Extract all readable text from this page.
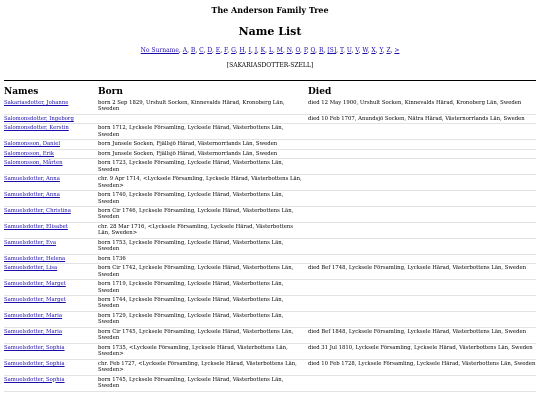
The Anderson Family Tree
Name List
No Surname, A, B, C, D, E, F, G, H, I, J, K, L, M, N, O, P, Q, R, [S], T, U, V, W, X, Y, Z, >
[SAKARIASDOTTER-SZELL]
Names	Born	Died
Sakariasdotter, Johanne	born 2 Sep 1829, Urshult Socken, Kinnevalds Härad, Kronoberg Län, Sweden	died 12 May 1900, Urshult Socken, Kinnevalds Härad, Kronoberg Län, Sweden
Salomonsdotter, Ingeborg		died 10 Feb 1707, Anundsjö Socken, Nätra Härad, Västernorrlands Län, Sweden
Salomonsdotter, Kerstin	born 1712, Lycksele Församling, Lycksele Härad, Västerbottens Län, Sweden	
Salomonsson, Daniel	born Junsele Socken, Fjällsjö Härad, Västernorrlands Län, Sweden	
Salomonsson, Erik	born Junsele Socken, Fjällsjö Härad, Västernorrlands Län, Sweden	
Salomonsson, Mårten	born 1723, Lycksele Församling, Lycksele Härad, Västerbottens Län, Sweden	
Samuelsdotter, Anna	chr. 9 Apr 1714, <Lycksele Församling, Lycksele Härad, Västerbottens Län, Sweden>	
Samuelsdotter, Anna	born 1740, Lycksele Församling, Lycksele Härad, Västerbottens Län, Sweden	
Samuelsdotter, Christina	born Cir 1746, Lycksele Församling, Lycksele Härad, Västerbottens Län, Sweden	
Samuelsdotter, Elisabet	chr. 28 Mar 1716, <Lycksele Församling, Lycksele Härad, Västerbottens Län, Sweden>	
Samuelsdotter, Eva	born 1753, Lycksele Församling, Lycksele Härad, Västerbottens Län, Sweden	
Samuelsdotter, Helena	born 1736	
Samuelsdotter, Lisa	born Cir 1742, Lycksele Församling, Lycksele Härad, Västerbottens Län, Sweden	died Bef 1748, Lycksele Församling, Lycksele Härad, Västerbottens Län, Sweden
Samuelsdotter, Marget	born 1719, Lycksele Församling, Lycksele Härad, Västerbottens Län, Sweden	
Samuelsdotter, Marget	born 1744, Lycksele Församling, Lycksele Härad, Västerbottens Län, Sweden	
Samuelsdotter, Maria	born 1729, Lycksele Församling, Lycksele Härad, Västerbottens Län, Sweden	
Samuelsdotter, Maria	born Cir 1745, Lycksele Församling, Lycksele Härad, Västerbottens Län, Sweden	died Bef 1848, Lycksele Församling, Lycksele Härad, Västerbottens Län, Sweden
Samuelsdotter, Sophia	born 1735, <Lycksele Församling, Lycksele Härad, Västerbottens Län, Sweden>	died 31 Jul 1810, Lycksele Församling, Lycksele Härad, Västerbottens Län, Sweden
Samuelsdotter, Sophia	chr. Feb 1727, <Lycksele Församling, Lycksele Härad, Västerbottens Län, Sweden>	died 10 Feb 1728, Lycksele Församling, Lycksele Härad, Västerbottens Län, Sweden
Samuelsdotter, Sophia	born 1745, Lycksele Församling, Lycksele Härad, Västerbottens Län, Sweden	
